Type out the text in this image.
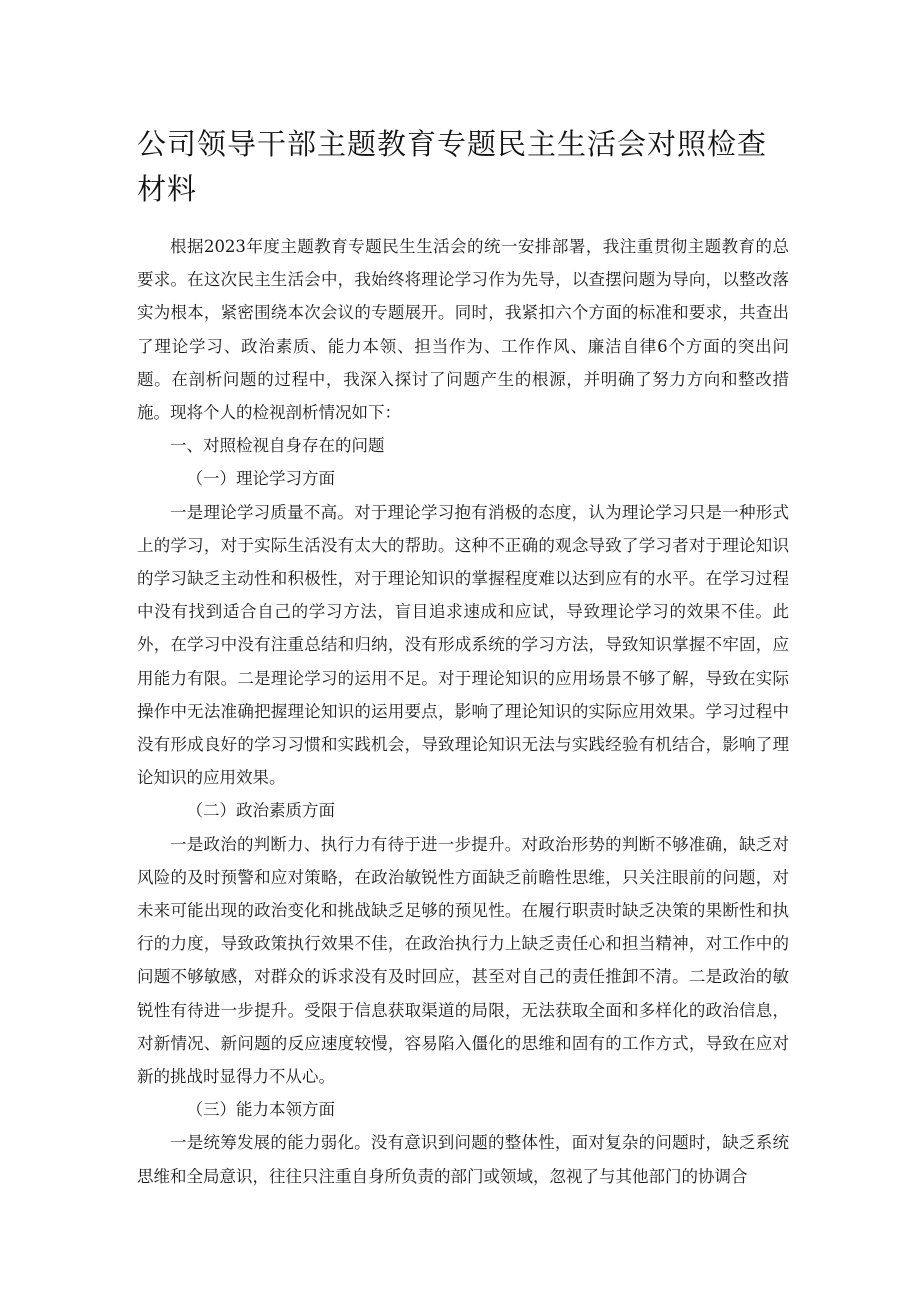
公司领导干部主题教育专题民主生活会对照检查材料

根据2023年度主题教育专题民生生活会的统一安排部署，我注重贯彻主题教育的总要求。在这次民主生活会中，我始终将理论学习作为先导，以查摆问题为导向，以整改落实为根本，紧密围绕本次会议的专题展开。同时，我紧扣六个方面的标准和要求，共查出了理论学习、政治素质、能力本领、担当作为、工作作风、廉洁自律6个方面的突出问题。在剖析问题的过程中，我深入探讨了问题产生的根源，并明确了努力方向和整改措施。现将个人的检视剖析情况如下：

一、对照检视自身存在的问题

（一）理论学习方面

一是理论学习质量不高。对于理论学习抱有消极的态度，认为理论学习只是一种形式上的学习，对于实际生活没有太大的帮助。这种不正确的观念导致了学习者对于理论知识的学习缺乏主动性和积极性，对于理论知识的掌握程度难以达到应有的水平。在学习过程中没有找到适合自己的学习方法，盲目追求速成和应试，导致理论学习的效果不佳。此外，在学习中没有注重总结和归纳，没有形成系统的学习方法，导致知识掌握不牢固，应用能力有限。二是理论学习的运用不足。对于理论知识的应用场景不够了解，导致在实际操作中无法准确把握理论知识的运用要点，影响了理论知识的实际应用效果。学习过程中没有形成良好的学习习惯和实践机会，导致理论知识无法与实践经验有机结合，影响了理论知识的应用效果。

（二）政治素质方面

一是政治的判断力、执行力有待于进一步提升。对政治形势的判断不够准确，缺乏对风险的及时预警和应对策略，在政治敏锐性方面缺乏前瞻性思维，只关注眼前的问题，对未来可能出现的政治变化和挑战缺乏足够的预见性。在履行职责时缺乏决策的果断性和执行的力度，导致政策执行效果不佳，在政治执行力上缺乏责任心和担当精神，对工作中的问题不够敏感，对群众的诉求没有及时回应，甚至对自己的责任推卸不清。二是政治的敏锐性有待进一步提升。受限于信息获取渠道的局限，无法获取全面和多样化的政治信息，对新情况、新问题的反应速度较慢，容易陷入僵化的思维和固有的工作方式，导致在应对新的挑战时显得力不从心。

（三）能力本领方面

一是统筹发展的能力弱化。没有意识到问题的整体性，面对复杂的问题时，缺乏系统思维和全局意识，往往只注重自身所负责的部门或领域，忽视了与其他部门的协调合
